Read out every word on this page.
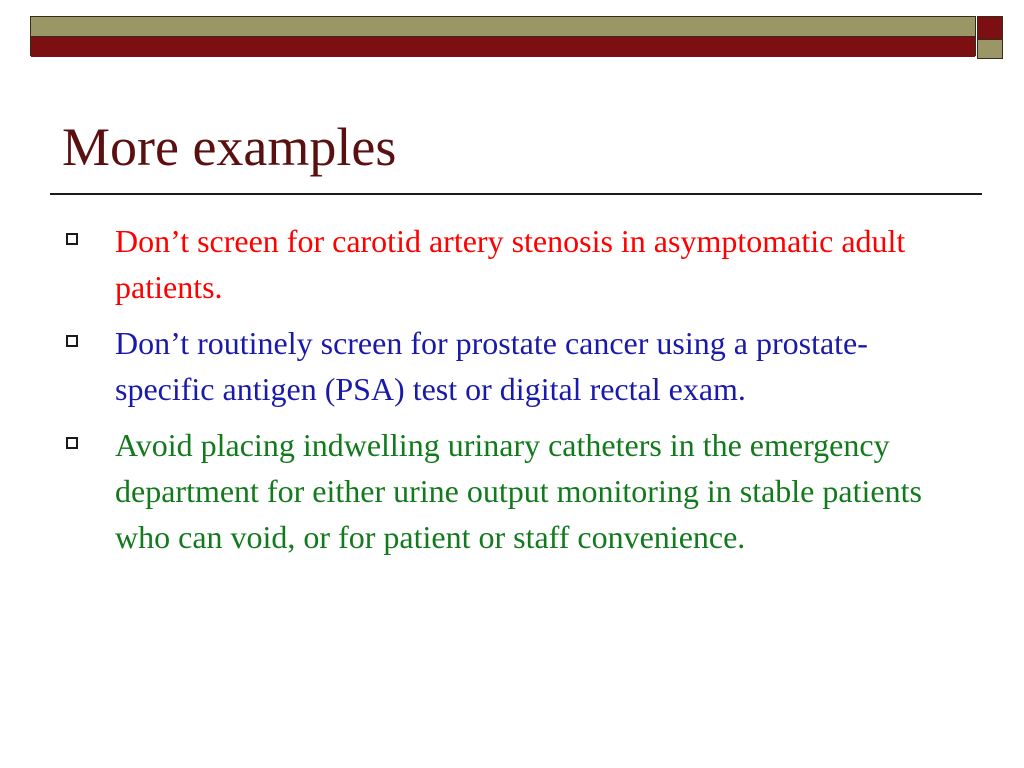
More examples
Don’t screen for carotid artery stenosis in asymptomatic adult patients.
Don’t routinely screen for prostate cancer using a prostate-specific antigen (PSA) test or digital rectal exam.
Avoid placing indwelling urinary catheters in the emergency department for either urine output monitoring in stable patients who can void, or for patient or staff convenience.
